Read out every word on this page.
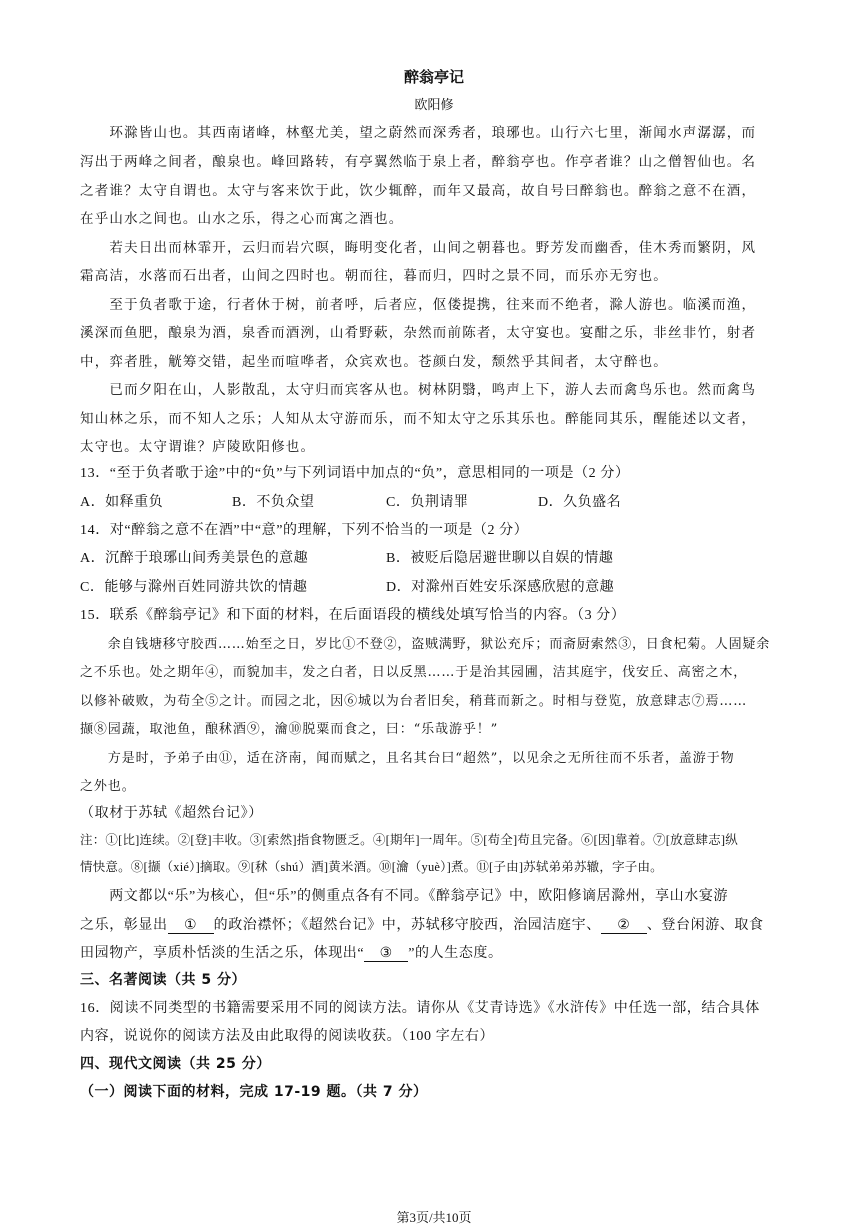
醉翁亭记
欧阳修
　　环滁皆山也。其西南诸峰，林壑尤美，望之蔚然而深秀者，琅琊也。山行六七里，渐闻水声潺潺，而
泻出于两峰之间者，酿泉也。峰回路转，有亭翼然临于泉上者，醉翁亭也。作亭者谁？山之僧智仙也。名
之者谁？太守自谓也。太守与客来饮于此，饮少辄醉，而年又最高，故自号曰醉翁也。醉翁之意不在酒，
在乎山水之间也。山水之乐，得之心而寓之酒也。
　　若夫日出而林霏开，云归而岩穴暝，晦明变化者，山间之朝暮也。野芳发而幽香，佳木秀而繁阴，风
霜高洁，水落而石出者，山间之四时也。朝而往，暮而归，四时之景不同，而乐亦无穷也。
　　至于负者歌于途，行者休于树，前者呼，后者应，伛偻提携，往来而不绝者，滁人游也。临溪而渔，
溪深而鱼肥，酿泉为酒，泉香而酒洌，山肴野蔌，杂然而前陈者，太守宴也。宴酣之乐，非丝非竹，射者
中，弈者胜，觥筹交错，起坐而喧哗者，众宾欢也。苍颜白发，颓然乎其间者，太守醉也。
　　已而夕阳在山，人影散乱，太守归而宾客从也。树林阴翳，鸣声上下，游人去而禽鸟乐也。然而禽鸟
知山林之乐，而不知人之乐；人知从太守游而乐，而不知太守之乐其乐也。醉能同其乐，醒能述以文者，
太守也。太守谓谁？庐陵欧阳修也。
13．“至于负者歌于途”中的“负”与下列词语中加点的“负”，意思相同的一项是（2 分）
A．如释重负	B．不负众望	C．负荆请罪	D．久负盛名
14．对“醉翁之意不在酒”中“意”的理解，下列不恰当的一项是（2 分）
A．沉醉于琅琊山间秀美景色的意趣	B．被贬后隐居避世聊以自娱的情趣
C．能够与滁州百姓同游共饮的情趣	D．对滁州百姓安乐深感欣慰的意趣
15．联系《醉翁亭记》和下面的材料，在后面语段的横线处填写恰当的内容。（3 分）
　　余自钱塘移守胶西……始至之日，岁比①不登②，盗贼满野，狱讼充斥；而斋厨索然③，日食杞菊。人固疑余
之不乐也。处之期年④，而貌加丰，发之白者，日以反黑……于是治其园圃，洁其庭宇，伐安丘、高密之木，
以修补破败，为苟全⑤之计。而园之北，因⑥城以为台者旧矣，稍葺而新之。时相与登览，放意肆志⑦焉……
撷⑧园蔬，取池鱼，酿秫酒⑨，瀹⑩脱粟而食之，曰：“乐哉游乎！”
　　方是时，予弟子由⑪，适在济南，闻而赋之，且名其台曰“超然”，以见余之无所往而不乐者，盖游于物
之外也。
（取材于苏轼《超然台记》）
注：①[比]连续。②[登]丰收。③[索然]指食物匮乏。④[期年]一周年。⑤[苟全]苟且完备。⑥[因]靠着。⑦[放意肆志]纵
情快意。⑧[撷（xié）]摘取。⑨[秫（shú）酒]黄米酒。⑩[瀹（yuè）]煮。⑪[子由]苏轼弟弟苏辙，字子由。
　　两文都以“乐”为核心，但“乐”的侧重点各有不同。《醉翁亭记》中，欧阳修谪居滁州，享山水宴游
之乐，彰显出 ① 的政治襟怀；《超然台记》中，苏轼移守胶西，治园洁庭宇、 ② 、登台闲游、取食
田园物产，享质朴恬淡的生活之乐，体现出“ ③ ”的人生态度。
三、名著阅读（共 5 分）
16．阅读不同类型的书籍需要采用不同的阅读方法。请你从《艾青诗选》《水浒传》中任选一部，结合具体
内容，说说你的阅读方法及由此取得的阅读收获。（100 字左右）
四、现代文阅读（共 25 分）
（一）阅读下面的材料，完成 17-19 题。（共 7 分）
第3页/共10页
